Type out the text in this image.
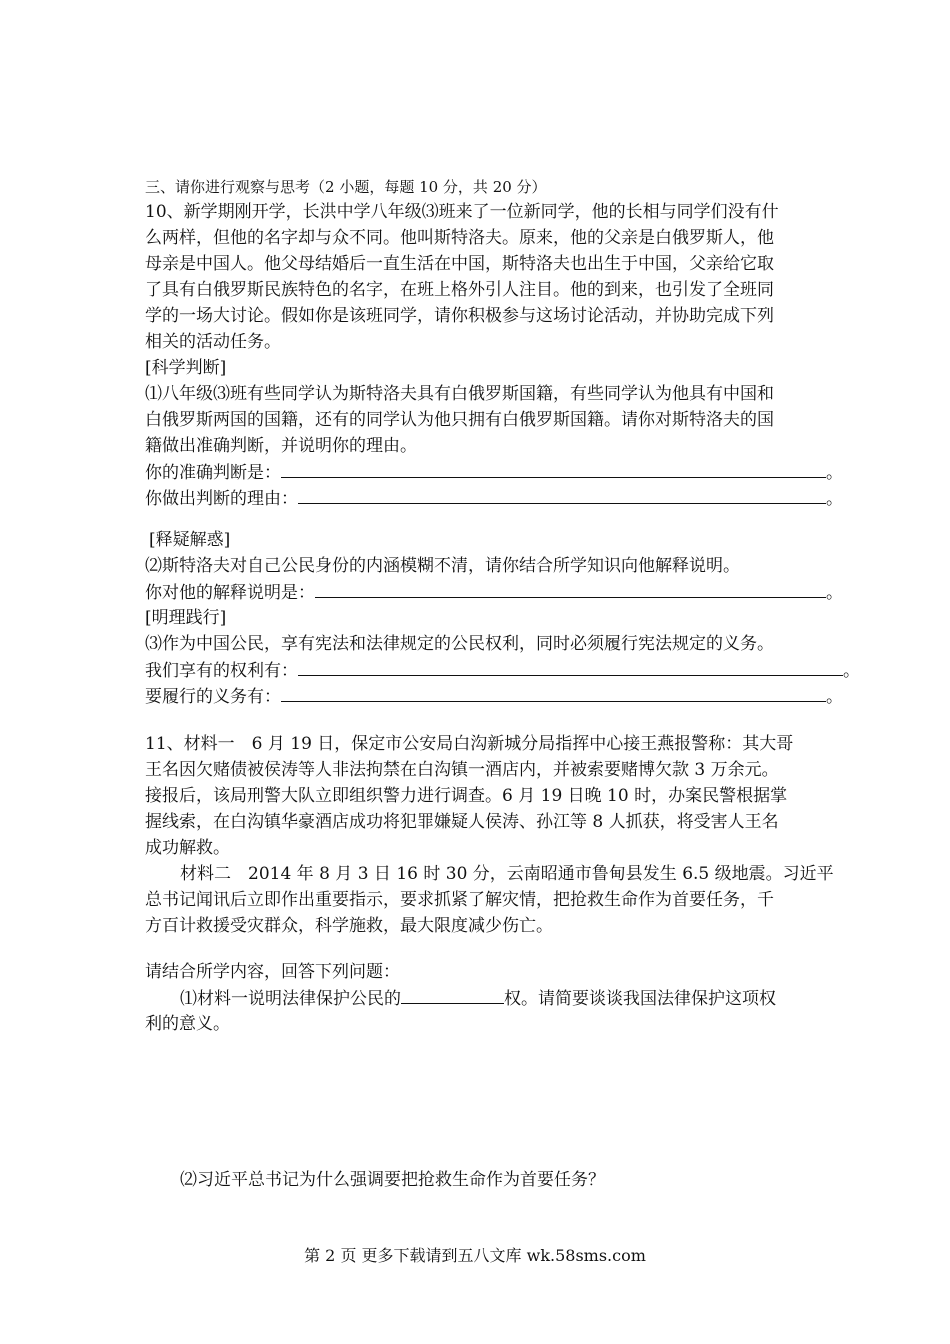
三、请你进行观察与思考（2 小题，每题 10 分，共 20 分）
10、新学期刚开学，长洪中学八年级⑶班来了一位新同学，他的长相与同学们没有什
么两样，但他的名字却与众不同。他叫斯特洛夫。原来，他的父亲是白俄罗斯人，他
母亲是中国人。他父母结婚后一直生活在中国，斯特洛夫也出生于中国，父亲给它取
了具有白俄罗斯民族特色的名字，在班上格外引人注目。他的到来，也引发了全班同
学的一场大讨论。假如你是该班同学，请你积极参与这场讨论活动，并协助完成下列
相关的活动任务。
[科学判断]
⑴八年级⑶班有些同学认为斯特洛夫具有白俄罗斯国籍，有些同学认为他具有中国和
白俄罗斯两国的国籍，还有的同学认为他只拥有白俄罗斯国籍。请你对斯特洛夫的国
籍做出准确判断，并说明你的理由。
你的准确判断是：	。
你做出判断的理由：	。
[释疑解惑]
⑵斯特洛夫对自己公民身份的内涵模糊不清，请你结合所学知识向他解释说明。
你对他的解释说明是：	。
[明理践行]
⑶作为中国公民，享有宪法和法律规定的公民权利，同时必须履行宪法规定的义务。
我们享有的权利有：	。
要履行的义务有：	。
11、材料一　6 月 19 日，保定市公安局白沟新城分局指挥中心接王燕报警称：其大哥
王名因欠赌债被侯涛等人非法拘禁在白沟镇一酒店内，并被索要赌博欠款 3 万余元。
接报后，该局刑警大队立即组织警力进行调查。6 月 19 日晚 10 时，办案民警根据掌
握线索，在白沟镇华豪酒店成功将犯罪嫌疑人侯涛、孙江等 8 人抓获，将受害人王名
成功解救。
材料二　2014 年 8 月 3 日 16 时 30 分，云南昭通市鲁甸县发生 6.5 级地震。习近平
总书记闻讯后立即作出重要指示，要求抓紧了解灾情，把抢救生命作为首要任务，千
方百计救援受灾群众，科学施救，最大限度减少伤亡。
请结合所学内容，回答下列问题：
⑴材料一说明法律保护公民的	权。请简要谈谈我国法律保护这项权
利的意义。
⑵习近平总书记为什么强调要把抢救生命作为首要任务？
第 2 页 更多下载请到五八文库 wk.58sms.com
